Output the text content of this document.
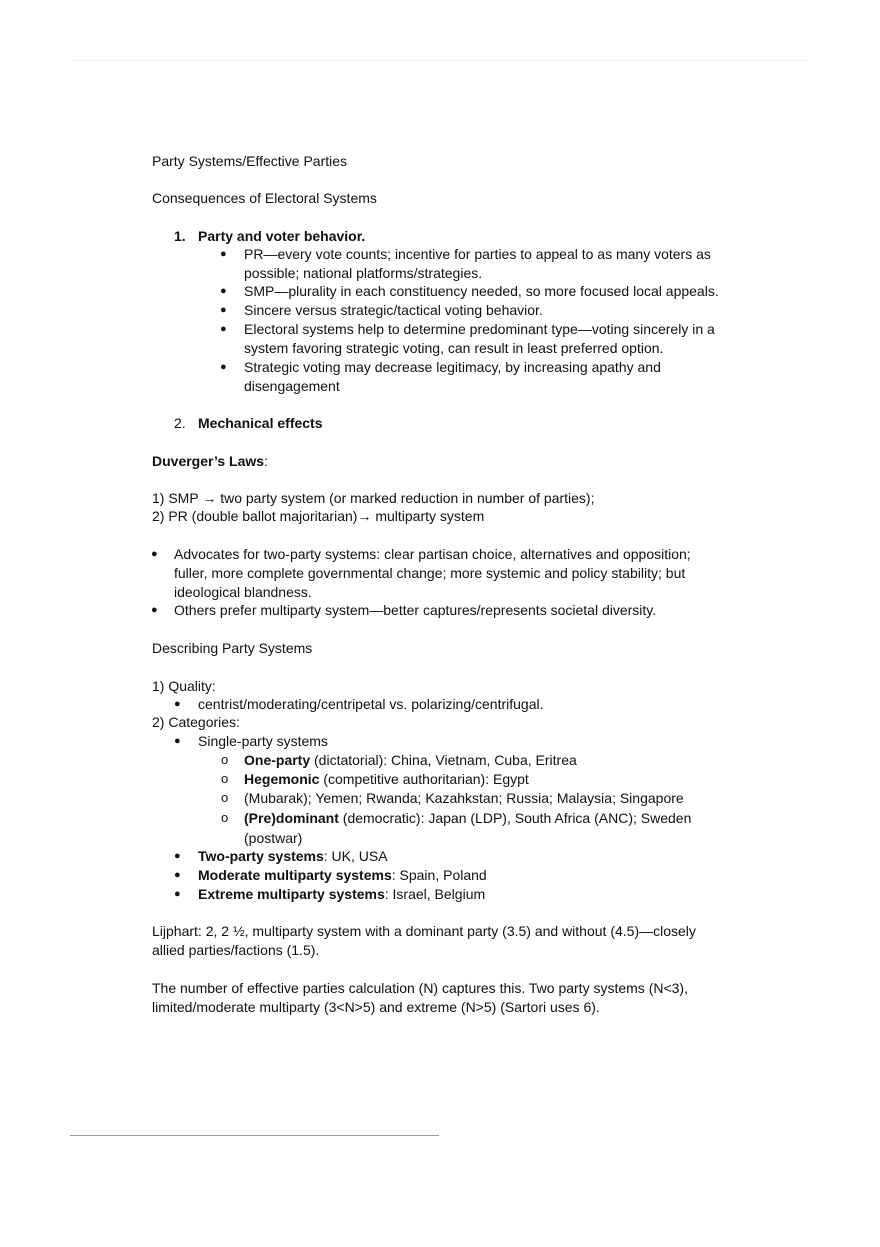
Party Systems/Effective Parties
Consequences of Electoral Systems
1. Party and voter behavior.
● PR—every vote counts; incentive for parties to appeal to as many voters as
possible; national platforms/strategies.
● SMP—plurality in each constituency needed, so more focused local appeals.
● Sincere versus strategic/tactical voting behavior.
● Electoral systems help to determine predominant type—voting sincerely in a
system favoring strategic voting, can result in least preferred option.
● Strategic voting may decrease legitimacy, by increasing apathy and
disengagement
2. Mechanical effects
Duverger’s Laws:
1) SMP → two party system (or marked reduction in number of parties);
2) PR (double ballot majoritarian)→ multiparty system
● Advocates for two-party systems: clear partisan choice, alternatives and opposition;
fuller, more complete governmental change; more systemic and policy stability; but
ideological blandness.
● Others prefer multiparty system—better captures/represents societal diversity.
Describing Party Systems
1) Quality:
● centrist/moderating/centripetal vs. polarizing/centrifugal.
2) Categories:
● Single-party systems
o One-party (dictatorial): China, Vietnam, Cuba, Eritrea
o Hegemonic (competitive authoritarian): Egypt
o (Mubarak); Yemen; Rwanda; Kazahkstan; Russia; Malaysia; Singapore
o (Pre)dominant (democratic): Japan (LDP), South Africa (ANC); Sweden
(postwar)
● Two-party systems: UK, USA
● Moderate multiparty systems: Spain, Poland
● Extreme multiparty systems: Israel, Belgium
Lijphart: 2, 2 ½, multiparty system with a dominant party (3.5) and without (4.5)—closely
allied parties/factions (1.5).
The number of effective parties calculation (N) captures this. Two party systems (N<3),
limited/moderate multiparty (3<N>5) and extreme (N>5) (Sartori uses 6).
